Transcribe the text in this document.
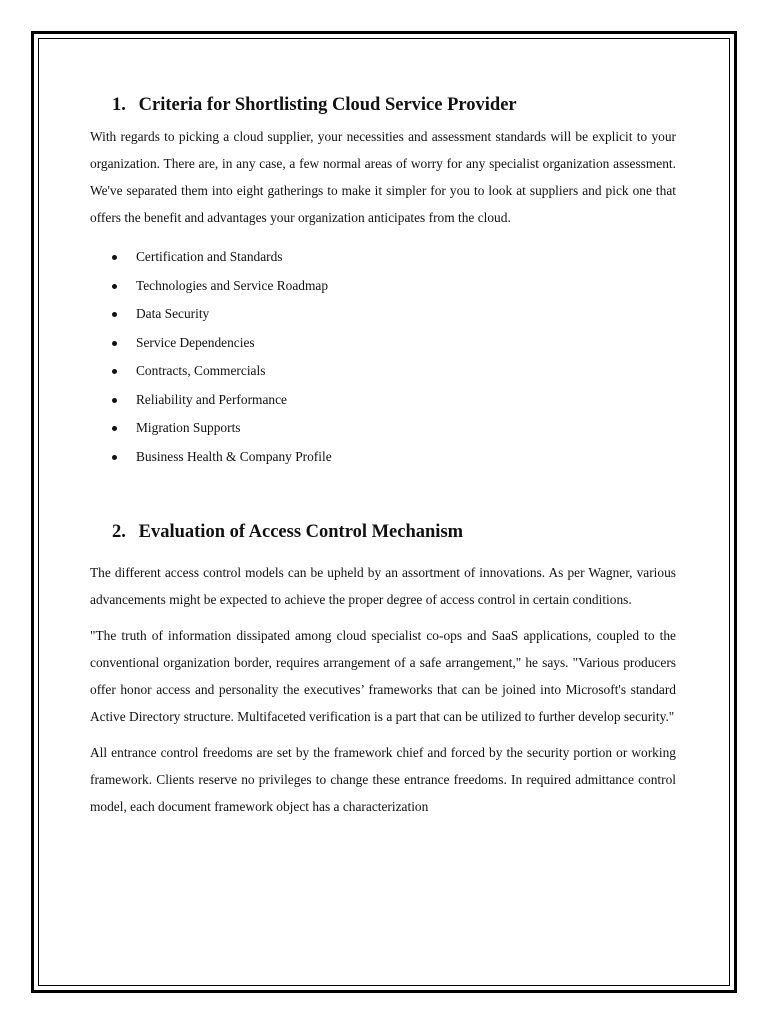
1. Criteria for Shortlisting Cloud Service Provider

With regards to picking a cloud supplier, your necessities and assessment standards will be explicit to your organization. There are, in any case, a few normal areas of worry for any specialist organization assessment. We've separated them into eight gatherings to make it simpler for you to look at suppliers and pick one that offers the benefit and advantages your organization anticipates from the cloud.

Certification and Standards
Technologies and Service Roadmap
Data Security
Service Dependencies
Contracts, Commercials
Reliability and Performance
Migration Supports
Business Health & Company Profile
2. Evaluation of Access Control Mechanism

The different access control models can be upheld by an assortment of innovations. As per Wagner, various advancements might be expected to achieve the proper degree of access control in certain conditions.

"The truth of information dissipated among cloud specialist co-ops and SaaS applications, coupled to the conventional organization border, requires arrangement of a safe arrangement," he says. "Various producers offer honor access and personality the executives’ frameworks that can be joined into Microsoft's standard Active Directory structure. Multifaceted verification is a part that can be utilized to further develop security."

All entrance control freedoms are set by the framework chief and forced by the security portion or working framework. Clients reserve no privileges to change these entrance freedoms. In required admittance control model, each document framework object has a characterization
